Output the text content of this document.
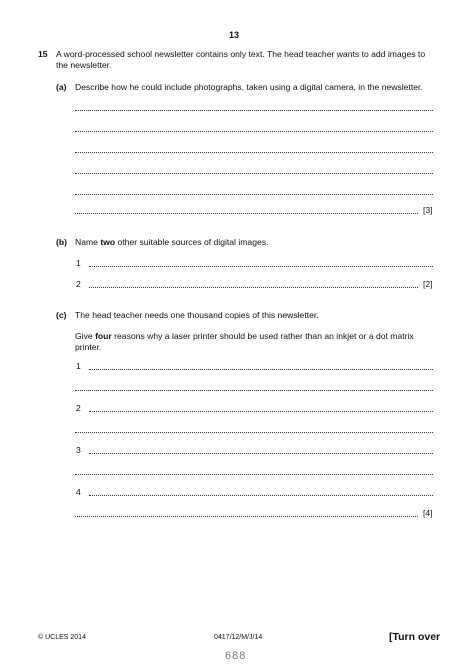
13
15 A word-processed school newsletter contains only text. The head teacher wants to add images to
the newsletter.
(a) Describe how he could include photographs, taken using a digital camera, in the newsletter.
[3]
(b) Name two other suitable sources of digital images.
1
2	[2]
(c) The head teacher needs one thousand copies of this newsletter.
Give four reasons why a laser printer should be used rather than an inkjet or a dot matrix
printer.
1
2
3
4
[4]
© UCLES 2014	0417/12/M/J/14	[Turn over
688
